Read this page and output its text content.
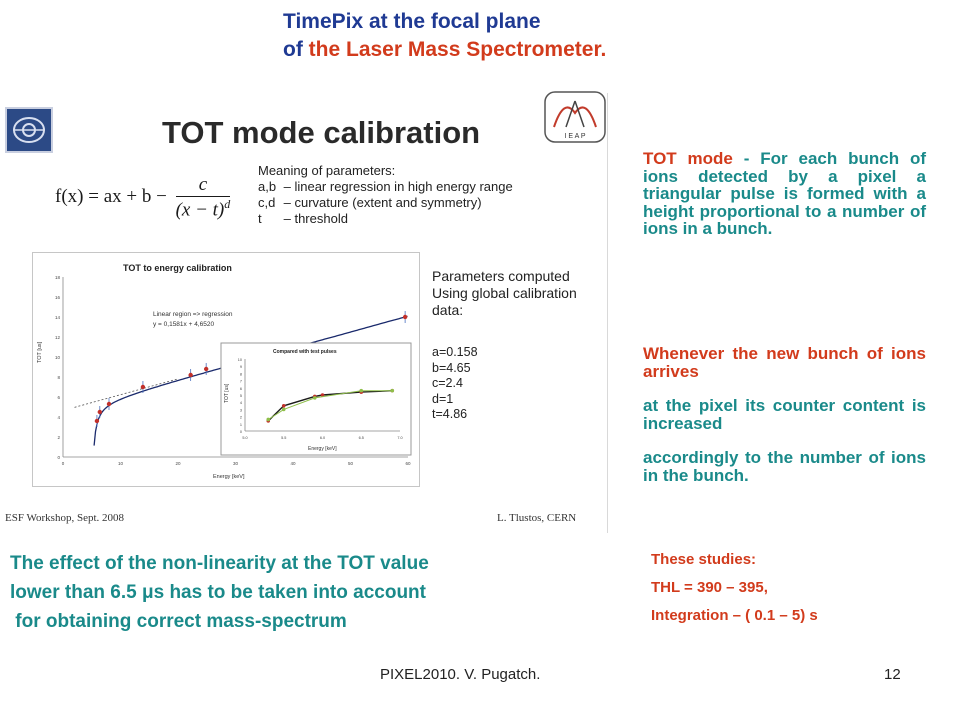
TimePix at the focal plane
of the Laser Mass Spectrometer.
I E A P
TOT mode calibration
f(x) = ax + $b - \frac{c}{(x - t)^d}$
Meaning of parameters:
a,b – linear regression in high energy range
c,d – curvature (extent and symmetry)
t – threshold
TOT to energy calibration
Linear region => regression
y = 0,1581x + 4,6520
Energy [keV]
TOT [us]
0	10	20	30	40	50	60
0
2
4
6
8
10
12
14
16
18
Compared with test pulses
Energy [keV]
TOT [us]
5.0	5.5	6.0	6.5	7.0
0
1
2
3
4
5
6
7
8
9
10
Parameters computed
Using global calibration
data:
a=0.158
b=4.65
c=2.4
d=1
t=4.86
ESF Workshop, Sept. 2008	L. Tlustos, CERN
TOT mode - For each bunch of ions detected by a pixel a triangular pulse is formed with a height proportional to a number of ions in a bunch.
Whenever the new bunch of ions arrives
at the pixel its counter content is increased
accordingly to the number of ions in the bunch.
The effect of the non-linearity at the TOT value
lower than 6.5 μs has to be taken into account
for obtaining correct mass-spectrum
These studies:
THL = 390 – 395,
Integration – ( 0.1 – 5) s
PIXEL2010. V. Pugatch.	12
